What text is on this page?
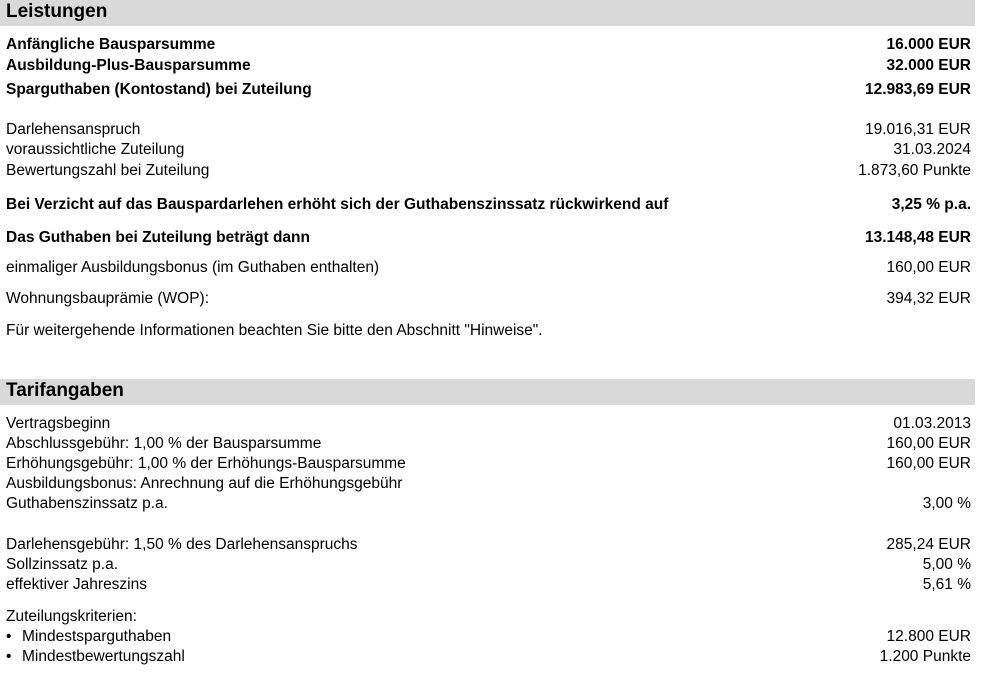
Leistungen
Anfängliche Bausparsumme	16.000 EUR
Ausbildung-Plus-Bausparsumme	32.000 EUR
Sparguthaben (Kontostand) bei Zuteilung	12.983,69 EUR
Darlehensanspruch	19.016,31 EUR
voraussichtliche Zuteilung	31.03.2024
Bewertungszahl bei Zuteilung	1.873,60 Punkte
Bei Verzicht auf das Bauspardarlehen erhöht sich der Guthabenszinssatz rückwirkend auf	3,25 % p.a.
Das Guthaben bei Zuteilung beträgt dann	13.148,48 EUR
einmaliger Ausbildungsbonus (im Guthaben enthalten)	160,00 EUR
Wohnungsbauprämie (WOP):	394,32 EUR
Für weitergehende Informationen beachten Sie bitte den Abschnitt "Hinweise".
Tarifangaben
Vertragsbeginn	01.03.2013
Abschlussgebühr: 1,00 % der Bausparsumme	160,00 EUR
Erhöhungsgebühr: 1,00 % der Erhöhungs-Bausparsumme	160,00 EUR
Ausbildungsbonus: Anrechnung auf die Erhöhungsgebühr
Guthabenszinssatz p.a.	3,00 %
Darlehensgebühr: 1,50 % des Darlehensanspruchs	285,24 EUR
Sollzinssatz p.a.	5,00 %
effektiver Jahreszins	5,61 %
Zuteilungskriterien:
• Mindestsparguthaben	12.800 EUR
• Mindestbewertungszahl	1.200 Punkte
